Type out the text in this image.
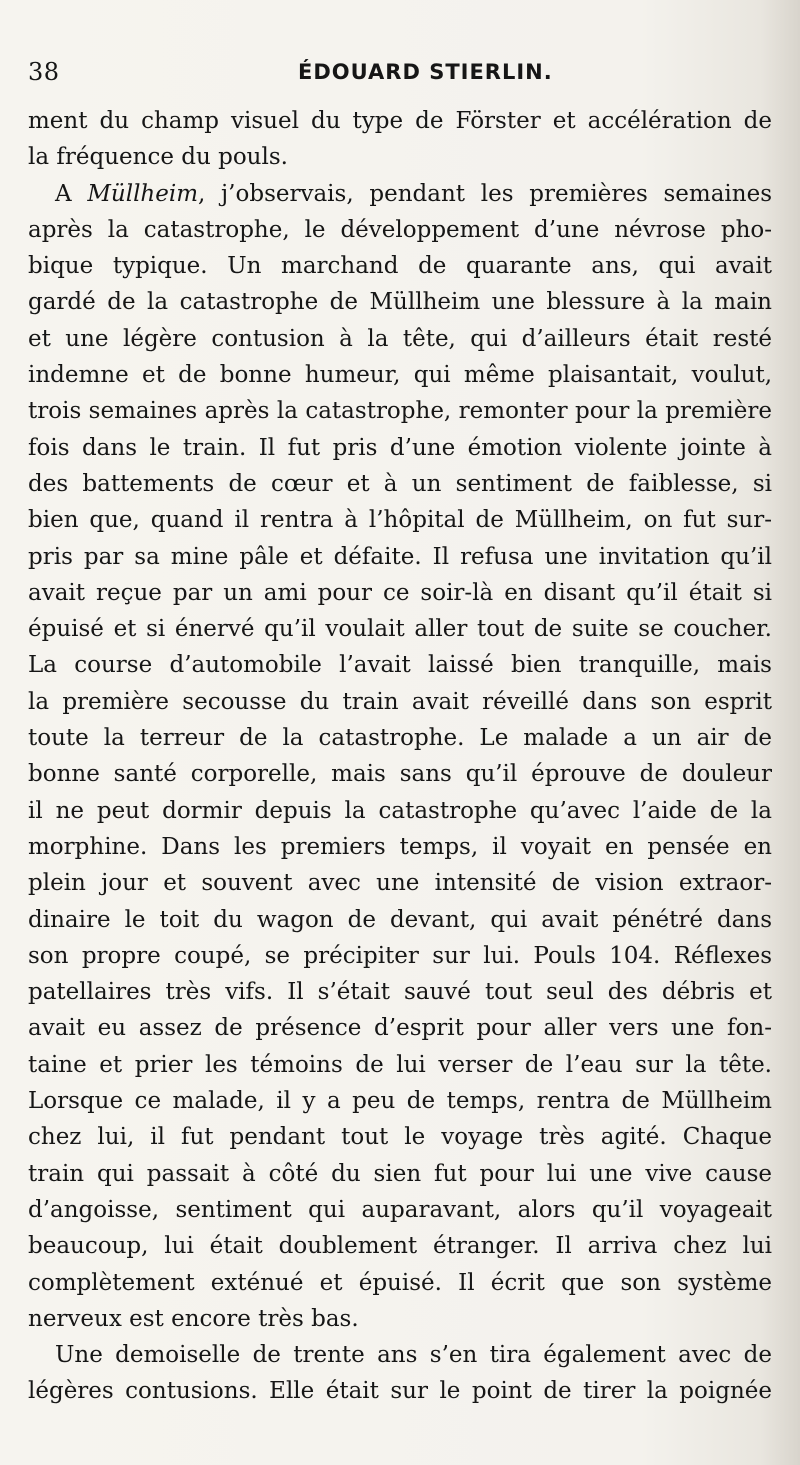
38	ÉDOUARD STIERLIN.
ment du champ visuel du type de Förster et accélération de
la fréquence du pouls.
A Müllheim, j’observais, pendant les premières semaines
après la catastrophe, le développement d’une névrose pho-
bique typique. Un marchand de quarante ans, qui avait
gardé de la catastrophe de Müllheim une blessure à la main
et une légère contusion à la tête, qui d’ailleurs était resté
indemne et de bonne humeur, qui même plaisantait, voulut,
trois semaines après la catastrophe, remonter pour la première
fois dans le train. Il fut pris d’une émotion violente jointe à
des battements de cœur et à un sentiment de faiblesse, si
bien que, quand il rentra à l’hôpital de Müllheim, on fut sur-
pris par sa mine pâle et défaite. Il refusa une invitation qu’il
avait reçue par un ami pour ce soir-là en disant qu’il était si
épuisé et si énervé qu’il voulait aller tout de suite se coucher.
La course d’automobile l’avait laissé bien tranquille, mais
la première secousse du train avait réveillé dans son esprit
toute la terreur de la catastrophe. Le malade a un air de
bonne santé corporelle, mais sans qu’il éprouve de douleur
il ne peut dormir depuis la catastrophe qu’avec l’aide de la
morphine. Dans les premiers temps, il voyait en pensée en
plein jour et souvent avec une intensité de vision extraor-
dinaire le toit du wagon de devant, qui avait pénétré dans
son propre coupé, se précipiter sur lui. Pouls 104. Réflexes
patellaires très vifs. Il s’était sauvé tout seul des débris et
avait eu assez de présence d’esprit pour aller vers une fon-
taine et prier les témoins de lui verser de l’eau sur la tête.
Lorsque ce malade, il y a peu de temps, rentra de Müllheim
chez lui, il fut pendant tout le voyage très agité. Chaque
train qui passait à côté du sien fut pour lui une vive cause
d’angoisse, sentiment qui auparavant, alors qu’il voyageait
beaucoup, lui était doublement étranger. Il arriva chez lui
complètement exténué et épuisé. Il écrit que son système
nerveux est encore très bas.
Une demoiselle de trente ans s’en tira également avec de
légères contusions. Elle était sur le point de tirer la poignée
